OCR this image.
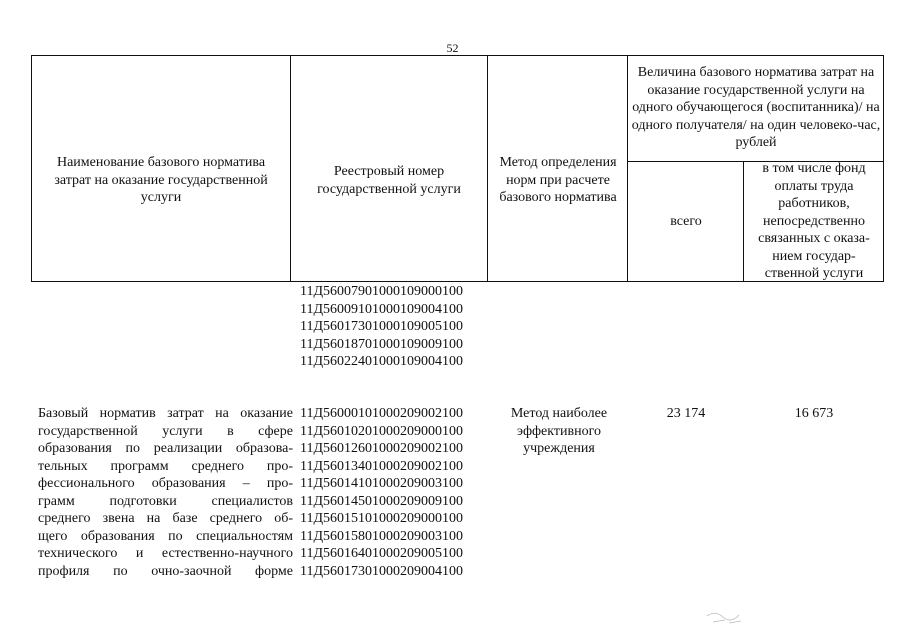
52
Наименование базового норматива затрат на оказание государственной услуги
Реестровый номер государственной услуги
Метод определения норм при расчете базового норматива
Величина базового норматива затрат на оказание государственной услуги на одного обучающегося (воспитанника)/ на одного получателя/ на один человеко-час, рублей
всего
в том числе фонд оплаты труда работников, непосредственно связанных с оказа- нием государ- ственной услуги
11Д56007901000109000100
11Д56009101000109004100
11Д56017301000109005100
11Д56018701000109009100
11Д56022401000109004100
Базовый норматив затрат на оказание
государственной услуги в сфере
образования по реализации образова-
тельных программ среднего про-
фессионального образования – про-
грамм подготовки специалистов
среднего звена на базе среднего об-
щего образования по специальностям
технического и естественно-научного
профиля по очно-заочной форме
11Д56000101000209002100
11Д56010201000209000100
11Д56012601000209002100
11Д56013401000209002100
11Д56014101000209003100
11Д56014501000209009100
11Д56015101000209000100
11Д56015801000209003100
11Д56016401000209005100
11Д56017301000209004100
Метод наиболее эффективного учреждения
23 174	16 673
